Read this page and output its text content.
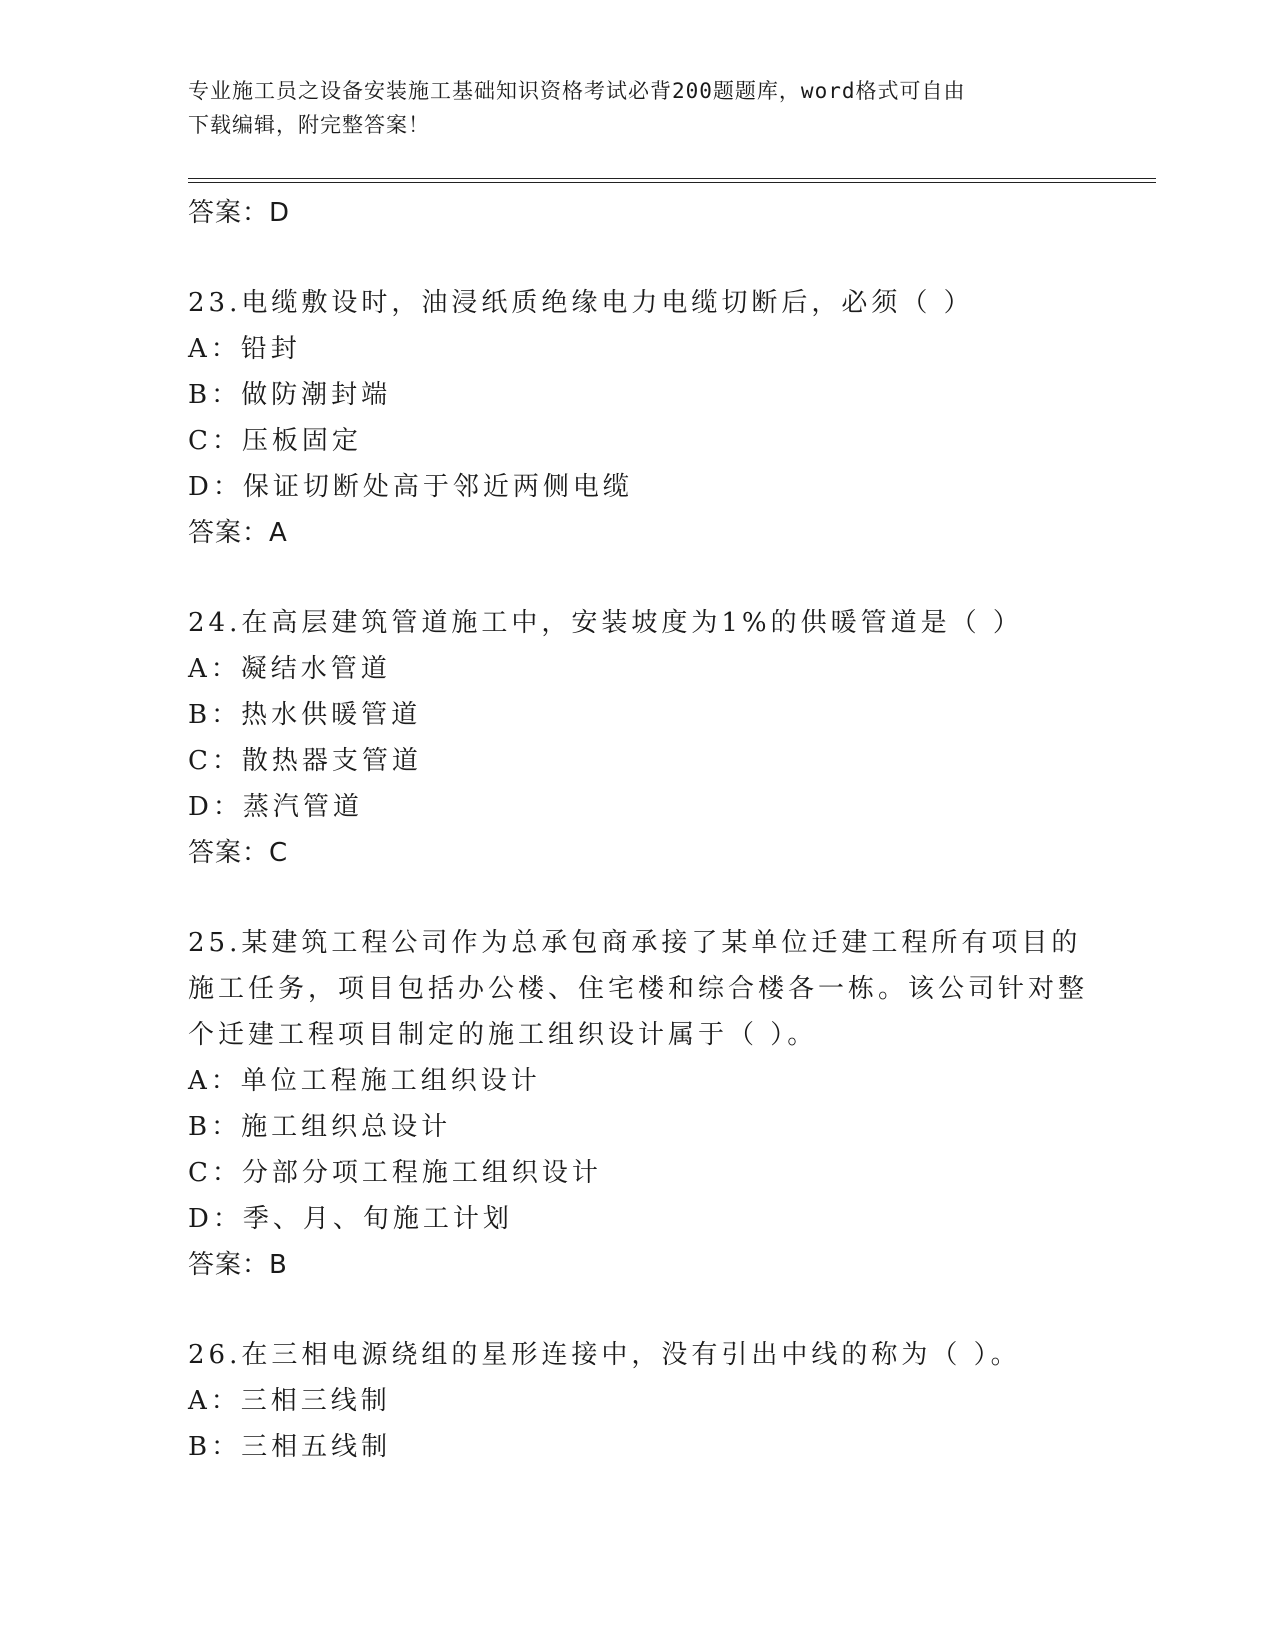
专业施工员之设备安装施工基础知识资格考试必背200题题库，word格式可自由
下载编辑，附完整答案！
答案：D
23.电缆敷设时，油浸纸质绝缘电力电缆切断后，必须（ ）
A：铅封
B：做防潮封端
C：压板固定
D：保证切断处高于邻近两侧电缆
答案：A
24.在高层建筑管道施工中，安装坡度为1%的供暖管道是（ ）
A：凝结水管道
B：热水供暖管道
C：散热器支管道
D：蒸汽管道
答案：C
25.某建筑工程公司作为总承包商承接了某单位迁建工程所有项目的施工任务，项目包括办公楼、住宅楼和综合楼各一栋。该公司针对整个迁建工程项目制定的施工组织设计属于（ ）。
A：单位工程施工组织设计
B：施工组织总设计
C：分部分项工程施工组织设计
D：季、月、旬施工计划
答案：B
26.在三相电源绕组的星形连接中，没有引出中线的称为（ ）。
A：三相三线制
B：三相五线制
